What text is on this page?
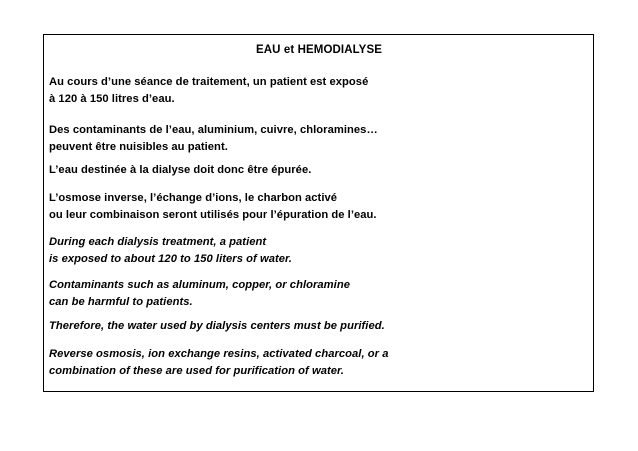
EAU et HEMODIALYSE
Au cours d’une séance de traitement, un patient est exposé
à 120 à 150 litres d’eau.
Des contaminants de l’eau, aluminium, cuivre, chloramines…
peuvent être nuisibles au patient.
L’eau destinée à la dialyse doit donc être épurée.
L’osmose inverse, l’échange d’ions, le charbon activé
ou leur combinaison seront utilisés pour l’épuration de l’eau.
During each dialysis treatment, a patient
is exposed to about 120 to 150 liters of water.
Contaminants such as aluminum, copper, or chloramine
can be harmful to patients.
Therefore, the water used by dialysis centers must be purified.
Reverse osmosis, ion exchange resins, activated charcoal, or a
combination of these are used for purification of water.
